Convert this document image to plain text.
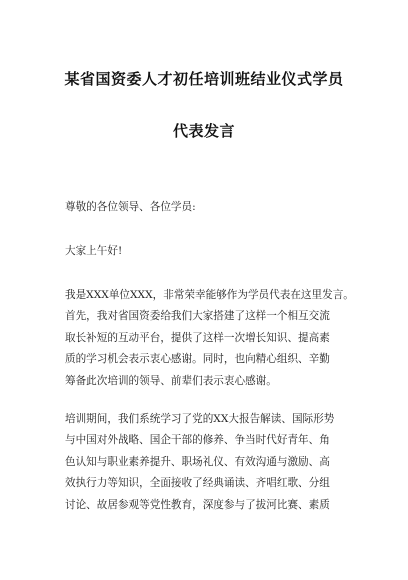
某省国资委人才初任培训班结业仪式学员
代表发言
尊敬的各位领导、各位学员:
大家上午好!
我是XXX单位XXX，非常荣幸能够作为学员代表在这里发言。
首先，我对省国资委给我们大家搭建了这样一个相互交流
取长补短的互动平台，提供了这样一次增长知识、提高素
质的学习机会表示衷心感谢。同时，也向精心组织、辛勤
筹备此次培训的领导、前辈们表示衷心感谢。
培训期间，我们系统学习了党的XX大报告解读、国际形势
与中国对外战略、国企干部的修养、争当时代好青年、角
色认知与职业素养提升、职场礼仪、有效沟通与激励、高
效执行力等知识，全面接收了经典诵读、齐唱红歌、分组
讨论、故居参观等党性教育，深度参与了拔河比赛、素质
